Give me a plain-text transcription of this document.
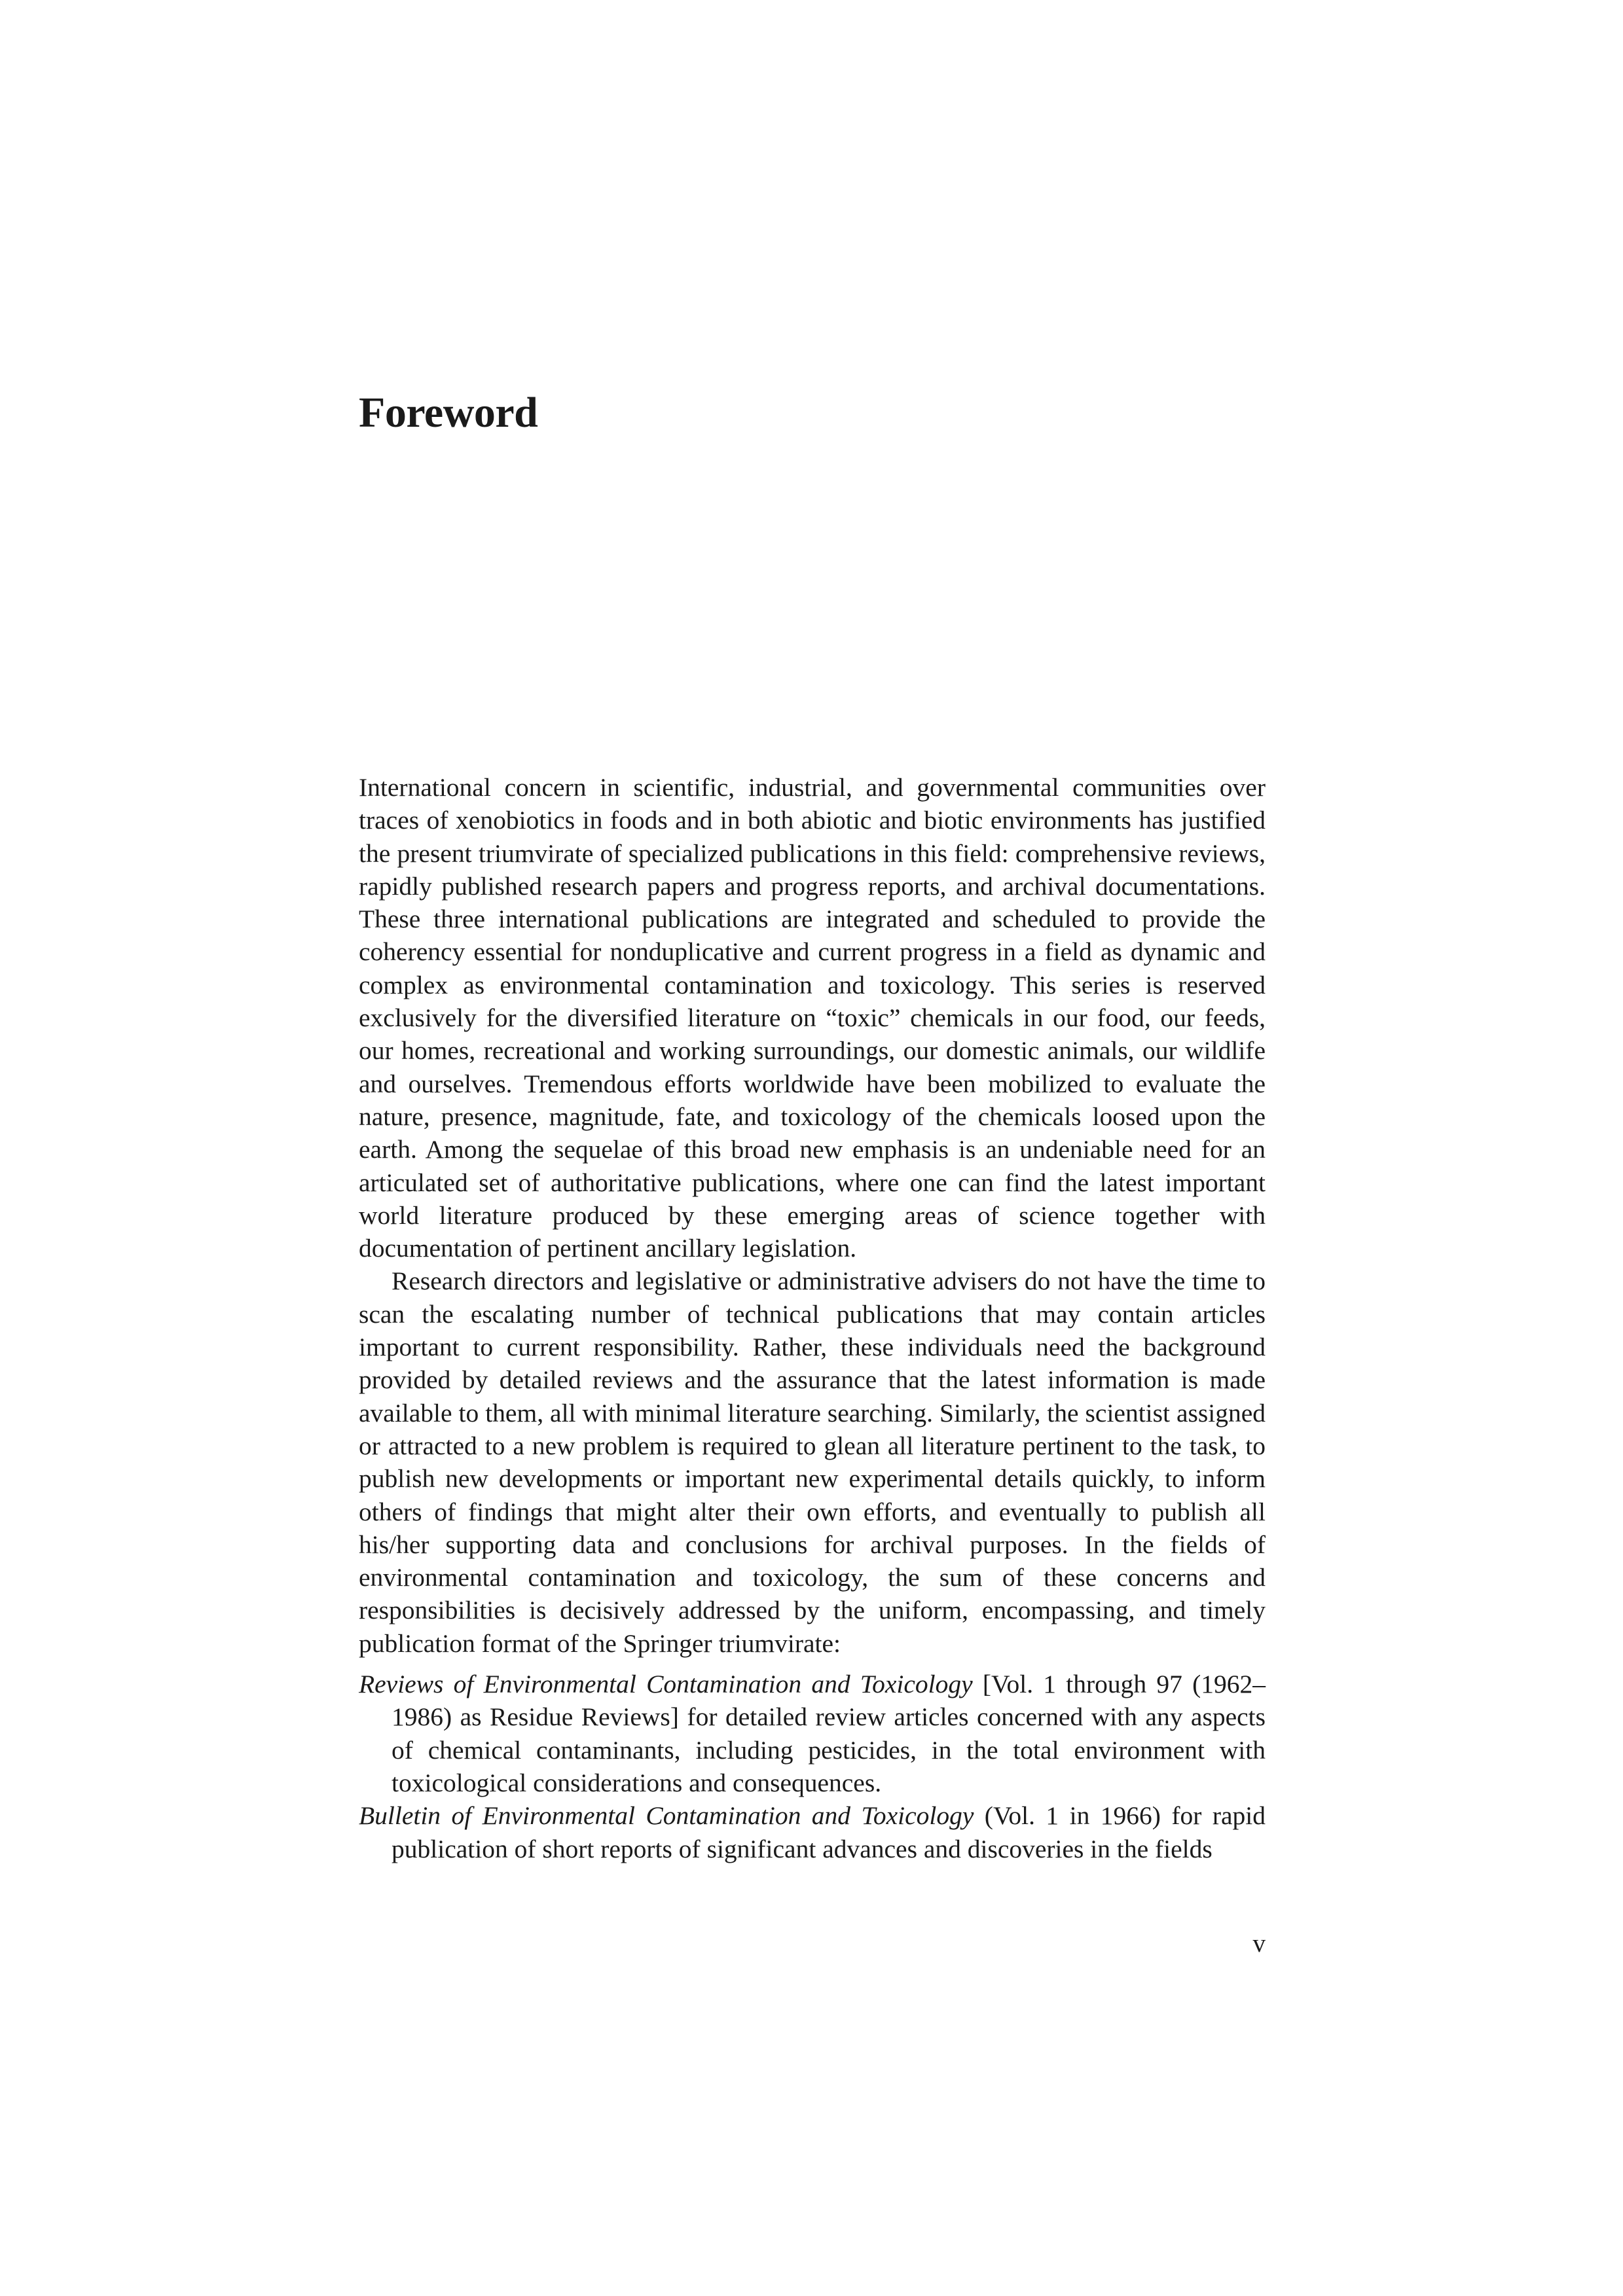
Foreword

International concern in scientific, industrial, and governmental communities over traces of xenobiotics in foods and in both abiotic and biotic environments has justified the present triumvirate of specialized publications in this field: comprehensive reviews, rapidly published research papers and progress reports, and archival documentations. These three international publications are integrated and scheduled to provide the coherency essential for nonduplicative and current progress in a field as dynamic and complex as environmental contamination and toxicology. This series is reserved exclusively for the diversified literature on “toxic” chemicals in our food, our feeds, our homes, recreational and working surroundings, our domestic animals, our wildlife and ourselves. Tremendous efforts worldwide have been mobilized to evaluate the nature, presence, magnitude, fate, and toxicology of the chemicals loosed upon the earth. Among the sequelae of this broad new emphasis is an undeniable need for an articulated set of authoritative publications, where one can find the latest important world literature produced by these emerging areas of science together with documentation of pertinent ancillary legislation.

Research directors and legislative or administrative advisers do not have the time to scan the escalating number of technical publications that may contain articles important to current responsibility. Rather, these individuals need the background provided by detailed reviews and the assurance that the latest information is made available to them, all with minimal literature searching. Similarly, the scientist assigned or attracted to a new problem is required to glean all literature pertinent to the task, to publish new developments or important new experimental details quickly, to inform others of findings that might alter their own efforts, and eventually to publish all his/her supporting data and conclusions for archival purposes. In the fields of environmental contamination and toxicology, the sum of these concerns and responsibilities is decisively addressed by the uniform, encompassing, and timely publication format of the Springer triumvirate:

Reviews of Environmental Contamination and Toxicology [Vol. 1 through 97 (1962–1986) as Residue Reviews] for detailed review articles concerned with any aspects of chemical contaminants, including pesticides, in the total environment with toxicological considerations and consequences.

Bulletin of Environmental Contamination and Toxicology (Vol. 1 in 1966) for rapid publication of short reports of significant advances and discoveries in the fields

v
